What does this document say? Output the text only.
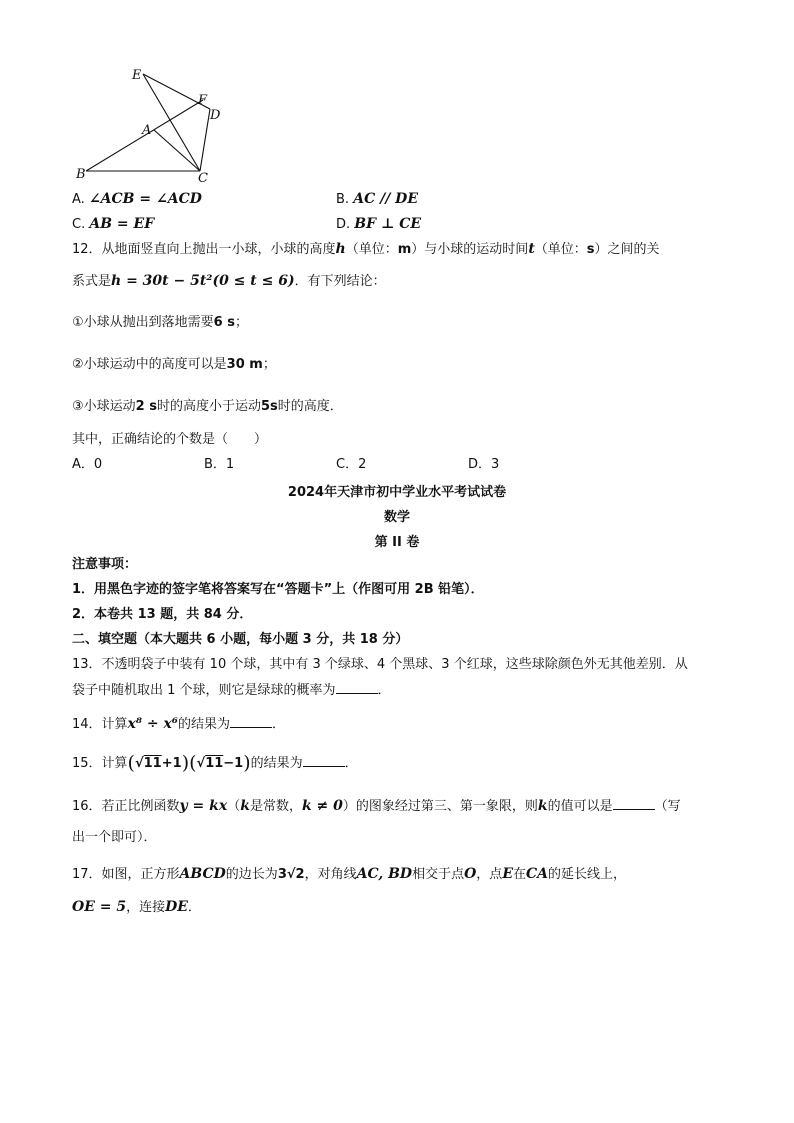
E
F
D
A
B	C
A. ∠ACB = ∠ACD	B. AC // DE
C. AB = EF	D. BF ⊥ CE
12．从地面竖直向上抛出一小球，小球的高度h（单位：m）与小球的运动时间t（单位：s）之间的关
系式是h = 30t − 5t²(0 ≤ t ≤ 6)．有下列结论：
①小球从抛出到落地需要6 s；
②小球运动中的高度可以是30 m；
③小球运动2 s时的高度小于运动5s时的高度．
其中，正确结论的个数是（　　）
A．0	B．1	C．2	D．3
2024年天津市初中学业水平考试试卷
数学
第 II 卷
注意事项：
1．用黑色字迹的签字笔将答案写在“答题卡”上（作图可用 2B 铅笔）．
2．本卷共 13 题，共 84 分．
二、填空题（本大题共 6 小题，每小题 3 分，共 18 分）
13．不透明袋子中装有 10 个球，其中有 3 个绿球、4 个黑球、3 个红球，这些球除颜色外无其他差别．从
袋子中随机取出 1 个球，则它是绿球的概率为	．
14．计算x⁸ ÷ x⁶的结果为	．
15．计算(√11+1)(√11−1)的结果为	．
16．若正比例函数y = kx（k是常数，k ≠ 0）的图象经过第三、第一象限，则k的值可以是	（写
出一个即可）．
17．如图，正方形ABCD的边长为3√2，对角线AC, BD相交于点O，点E在CA的延长线上，
OE = 5，连接DE．
